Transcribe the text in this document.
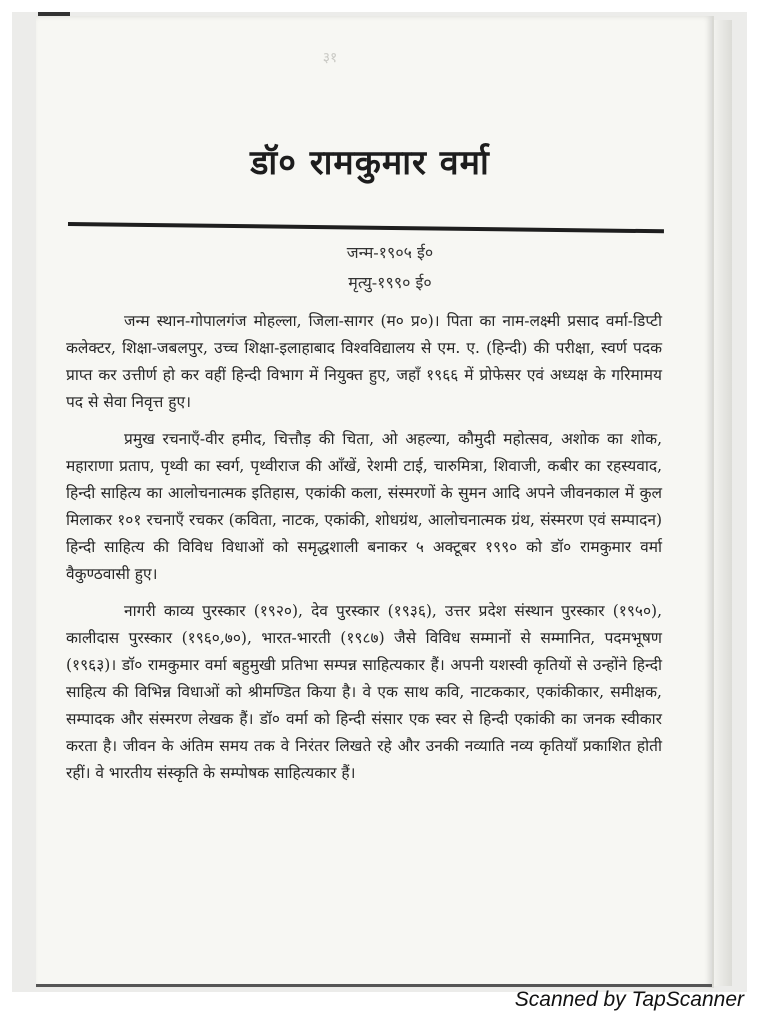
३१
डॉ० रामकुमार वर्मा
जन्म-१९०५ ई०
मृत्यु-१९९० ई०

जन्म स्थान-गोपालगंज मोहल्ला, जिला-सागर (म० प्र०)। पिता का नाम-लक्ष्मी प्रसाद वर्मा-डिप्टी कलेक्टर, शिक्षा-जबलपुर, उच्च शिक्षा-इलाहाबाद विश्वविद्यालय से एम. ए. (हिन्दी) की परीक्षा, स्वर्ण पदक प्राप्त कर उत्तीर्ण हो कर वहीं हिन्दी विभाग में नियुक्त हुए, जहाँ १९६६ में प्रोफेसर एवं अध्यक्ष के गरिमामय पद से सेवा निवृत्त हुए।

प्रमुख रचनाएँ-वीर हमीद, चित्तौड़ की चिता, ओ अहल्या, कौमुदी महोत्सव, अशोक का शोक, महाराणा प्रताप, पृथ्वी का स्वर्ग, पृथ्वीराज की आँखें, रेशमी टाई, चारुमित्रा, शिवाजी, कबीर का रहस्यवाद, हिन्दी साहित्य का आलोचनात्मक इतिहास, एकांकी कला, संस्मरणों के सुमन आदि अपने जीवनकाल में कुल मिलाकर १०१ रचनाएँ रचकर (कविता, नाटक, एकांकी, शोधग्रंथ, आलोचनात्मक ग्रंथ, संस्मरण एवं सम्पादन) हिन्दी साहित्य की विविध विधाओं को समृद्धशाली बनाकर ५ अक्टूबर १९९० को डॉ० रामकुमार वर्मा वैकुण्ठवासी हुए।

नागरी काव्य पुरस्कार (१९२०), देव पुरस्कार (१९३६), उत्तर प्रदेश संस्थान पुरस्कार (१९५०), कालीदास पुरस्कार (१९६०,७०), भारत-भारती (१९८७) जैसे विविध सम्मानों से सम्मानित, पदमभूषण (१९६३)। डॉ० रामकुमार वर्मा बहुमुखी प्रतिभा सम्पन्न साहित्यकार हैं। अपनी यशस्वी कृतियों से उन्होंने हिन्दी साहित्य की विभिन्न विधाओं को श्रीमण्डित किया है। वे एक साथ कवि, नाटककार, एकांकीकार, समीक्षक, सम्पादक और संस्मरण लेखक हैं। डॉ० वर्मा को हिन्दी संसार एक स्वर से हिन्दी एकांकी का जनक स्वीकार करता है। जीवन के अंतिम समय तक वे निरंतर लिखते रहे और उनकी नव्याति नव्य कृतियाँ प्रकाशित होती रहीं। वे भारतीय संस्कृति के सम्पोषक साहित्यकार हैं।

Scanned by TapScanner
